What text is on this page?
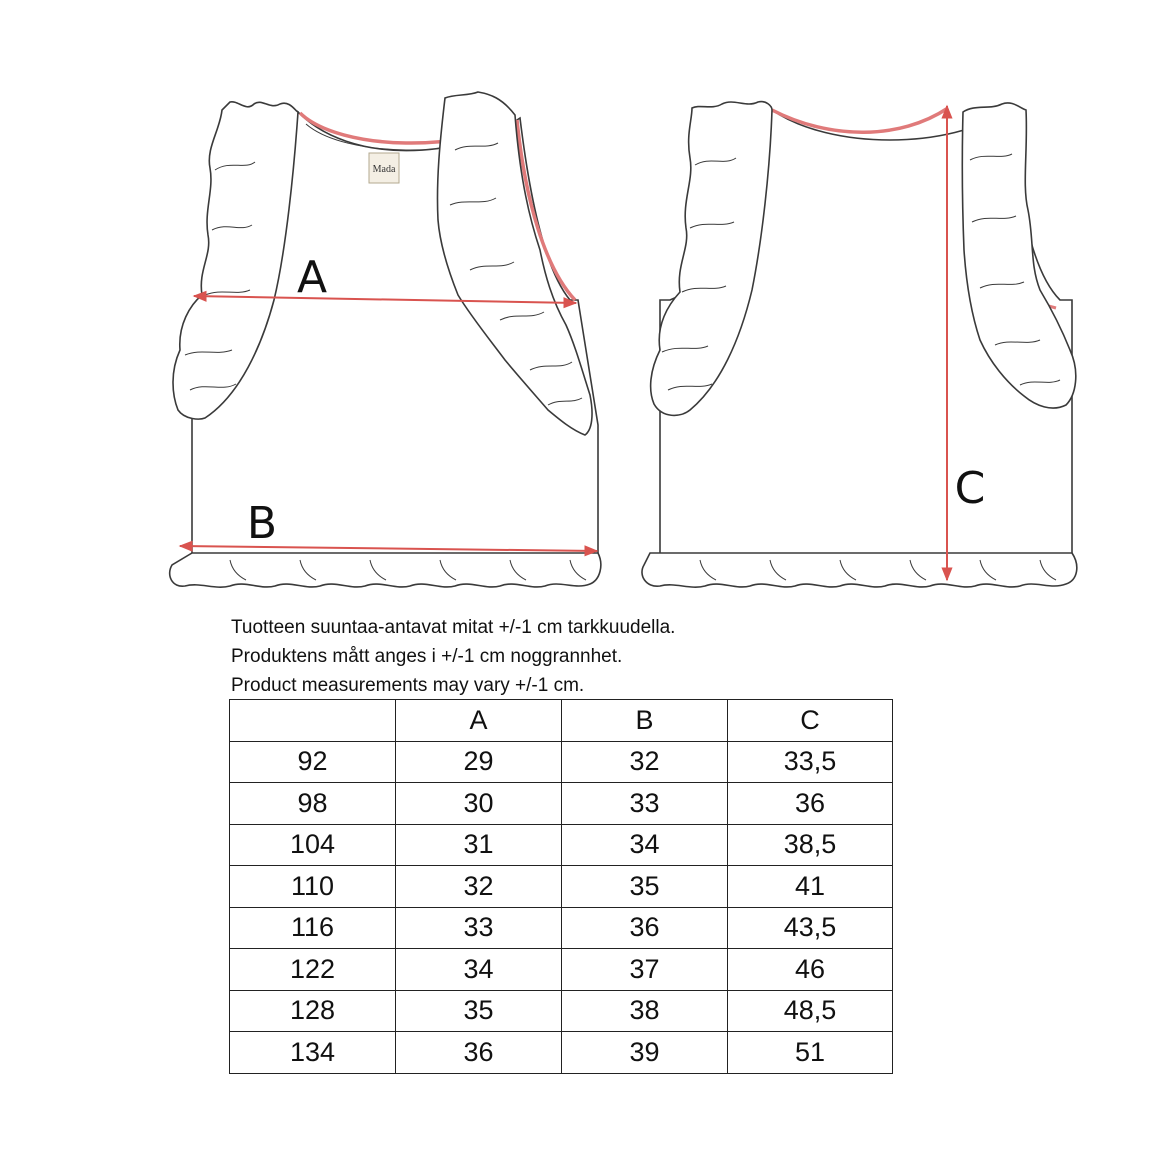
Mada
A
B
C
Tuotteen suuntaa-antavat mitat +/-1 cm tarkkuudella.
Produktens mått anges i +/-1 cm noggrannhet.
Product measurements may vary +/-1 cm.
	A	B	C
92	29	32	33,5
98	30	33	36
104	31	34	38,5
110	32	35	41
116	33	36	43,5
122	34	37	46
128	35	38	48,5
134	36	39	51
